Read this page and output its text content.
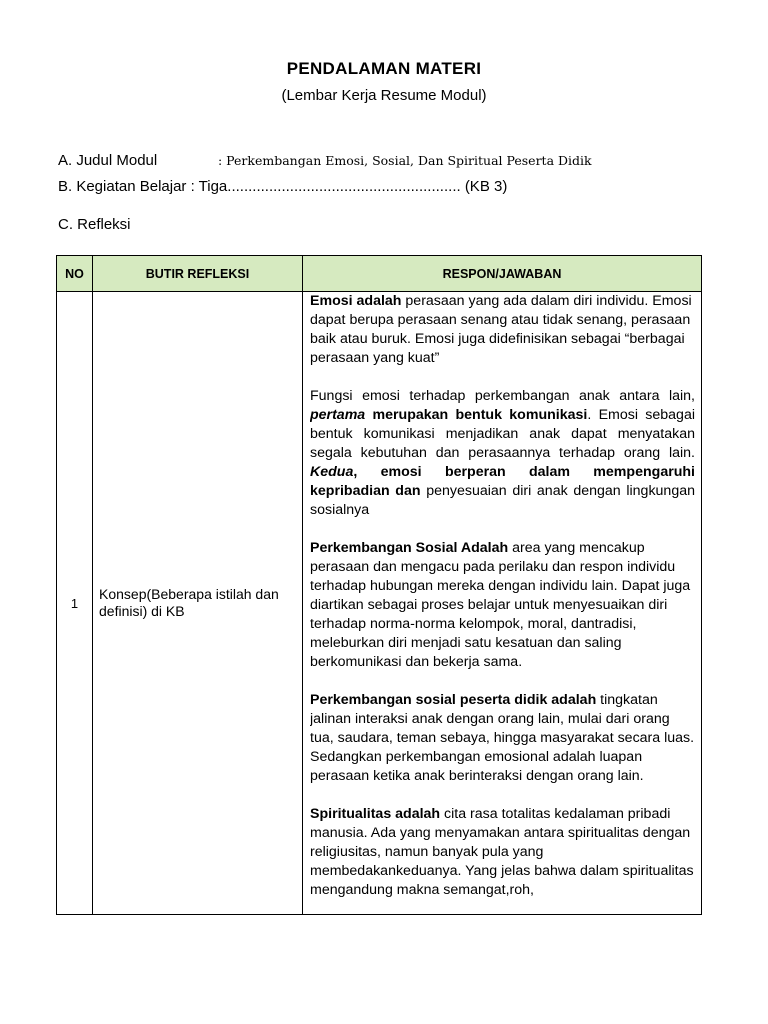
PENDALAMAN MATERI
(Lembar Kerja Resume Modul)
A. Judul Modul	: Perkembangan Emosi, Sosial, Dan Spiritual Peserta Didik
B. Kegiatan Belajar : Tiga........................................................ (KB 3)
C. Refleksi
NO	BUTIR REFLEKSI	RESPON/JAWABAN
1	Konsep(Beberapa istilah dan definisi) di KB	Emosi adalah perasaan yang ada dalam diri individu. Emosi dapat berupa perasaan senang atau tidak senang, perasaan baik atau buruk. Emosi juga didefinisikan sebagai “berbagai perasaan yang kuat”

Fungsi emosi terhadap perkembangan anak antara lain, pertama merupakan bentuk komunikasi. Emosi sebagai bentuk komunikasi menjadikan anak dapat menyatakan segala kebutuhan dan perasaannya terhadap orang lain. Kedua, emosi berperan dalam mempengaruhi kepribadian dan penyesuaian diri anak dengan lingkungan sosialnya

Perkembangan Sosial Adalah area yang mencakup perasaan dan mengacu pada perilaku dan respon individu terhadap hubungan mereka dengan individu lain. Dapat juga diartikan sebagai proses belajar untuk menyesuaikan diri terhadap norma-norma kelompok, moral, dantradisi, meleburkan diri menjadi satu kesatuan dan saling berkomunikasi dan bekerja sama.

Perkembangan sosial peserta didik adalah tingkatan jalinan interaksi anak dengan orang lain, mulai dari orang tua, saudara, teman sebaya, hingga masyarakat secara luas. Sedangkan perkembangan emosional adalah luapan perasaan ketika anak berinteraksi dengan orang lain.

Spiritualitas adalah cita rasa totalitas kedalaman pribadi manusia. Ada yang menyamakan antara spiritualitas dengan religiusitas, namun banyak pula yang membedakankeduanya. Yang jelas bahwa dalam spiritualitas mengandung makna semangat,roh,
